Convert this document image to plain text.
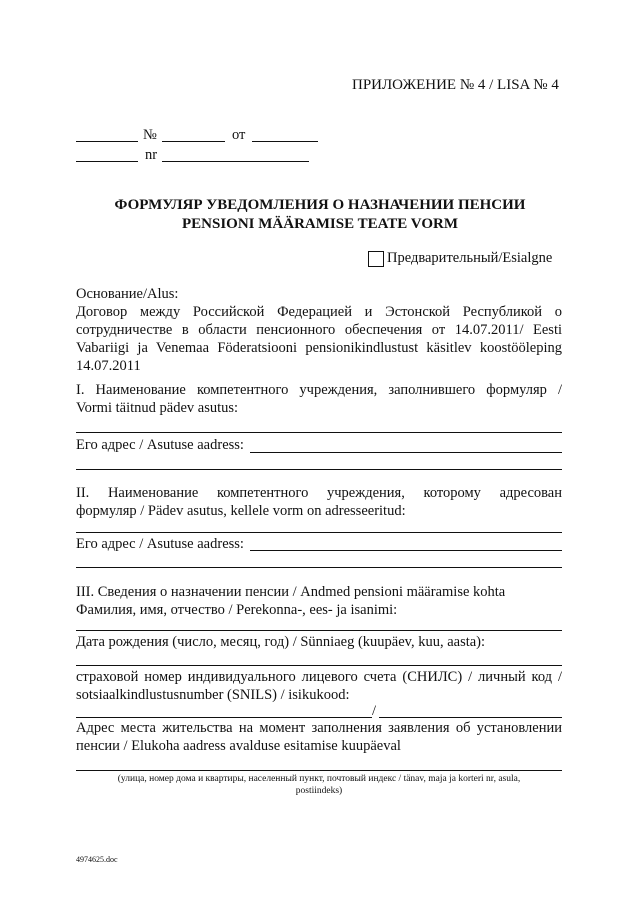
ПРИЛОЖЕНИЕ № 4 / LISA № 4
№	от
nr
ФОРМУЛЯР УВЕДОМЛЕНИЯ О НАЗНАЧЕНИИ ПЕНСИИ
PENSIONI MÄÄRAMISE TEATE VORM
Предварительный/Esialgne
Основание/Alus:
Договор между Российской Федерацией и Эстонской Республикой о
сотрудничестве в области пенсионного обеспечения от 14.07.2011/ Eesti
Vabariigi ja Venemaa Föderatsiooni pensionikindlustust käsitlev koostööleping
14.07.2011
I. Наименование компетентного учреждения, заполнившего формуляр /
Vormi täitnud pädev asutus:
Его адрес / Asutuse aadress:
II. Наименование компетентного учреждения, которому адресован
формуляр / Pädev asutus, kellele vorm on adresseeritud:
Его адрес / Asutuse aadress:
III. Сведения о назначении пенсии / Andmed pensioni määramise kohta
Фамилия, имя, отчество / Perekonna-, ees- ja isanimi:
Дата рождения (число, месяц, год) / Sünniaeg (kuupäev, kuu, aasta):
страховой номер индивидуального лицевого счета (СНИЛС) / личный код /
sotsiaalkindlustusnumber (SNILS) / isikukood:
/
Адрес места жительства на момент заполнения заявления об установлении
пенсии / Elukoha aadress avalduse esitamise kuupäeval
(улица, номер дома и квартиры, населенный пункт, почтовый индекс / tänav, maja ja korteri nr, asula,
postiindeks)
4974625.doc
